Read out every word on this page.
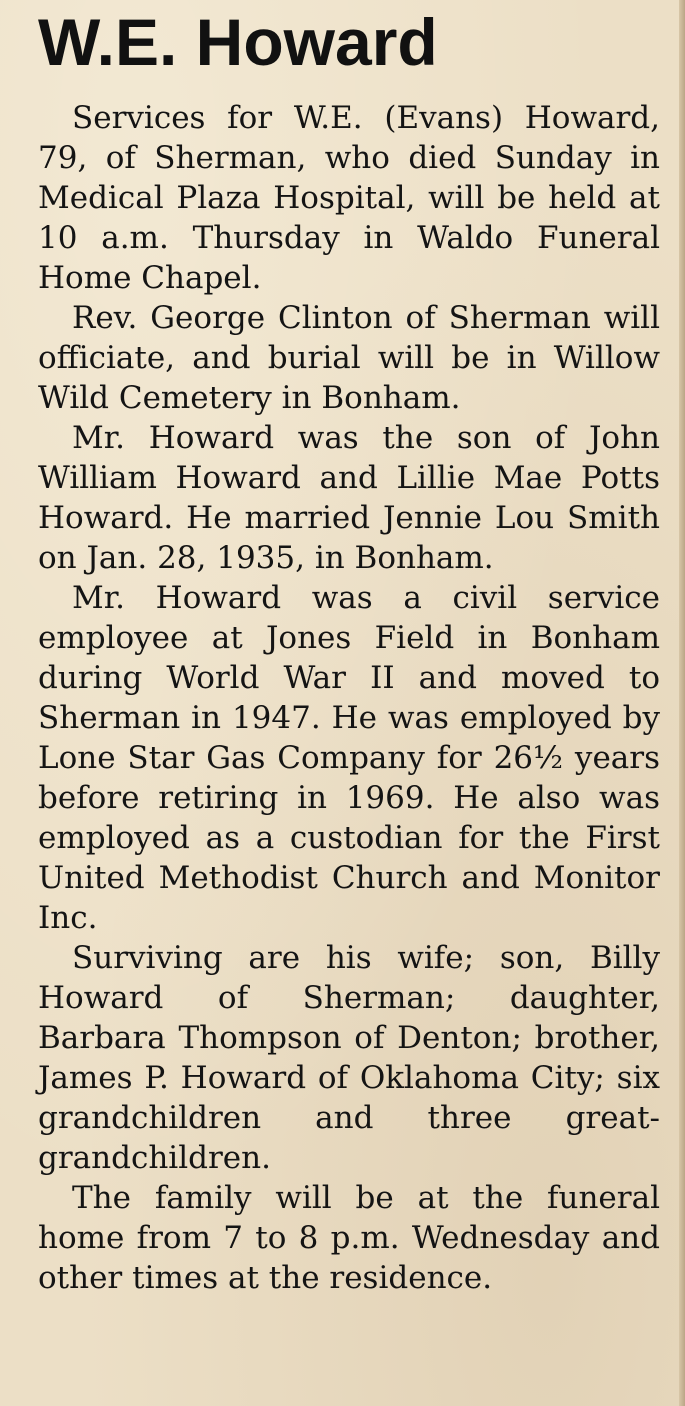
W.E. Howard

Services for W.E. (Evans) Howard, 79, of Sherman, who died Sunday in Medical Plaza Hospital, will be held at 10 a.m. Thursday in Waldo Funeral Home Chapel.

Rev. George Clinton of Sherman will officiate, and burial will be in Willow Wild Cemetery in Bonham.

Mr. Howard was the son of John William Howard and Lillie Mae Potts Howard. He married Jennie Lou Smith on Jan. 28, 1935, in Bonham.

Mr. Howard was a civil service employee at Jones Field in Bonham during World War II and moved to Sherman in 1947. He was employed by Lone Star Gas Company for 26½ years before retiring in 1969. He also was employed as a custodian for the First United Methodist Church and Monitor Inc.

Surviving are his wife; son, Billy Howard of Sherman; daughter, Barbara Thompson of Denton; brother, James P. Howard of Oklahoma City; six grandchildren and three great-grandchildren.

The family will be at the funeral home from 7 to 8 p.m. Wednesday and other times at the residence.
